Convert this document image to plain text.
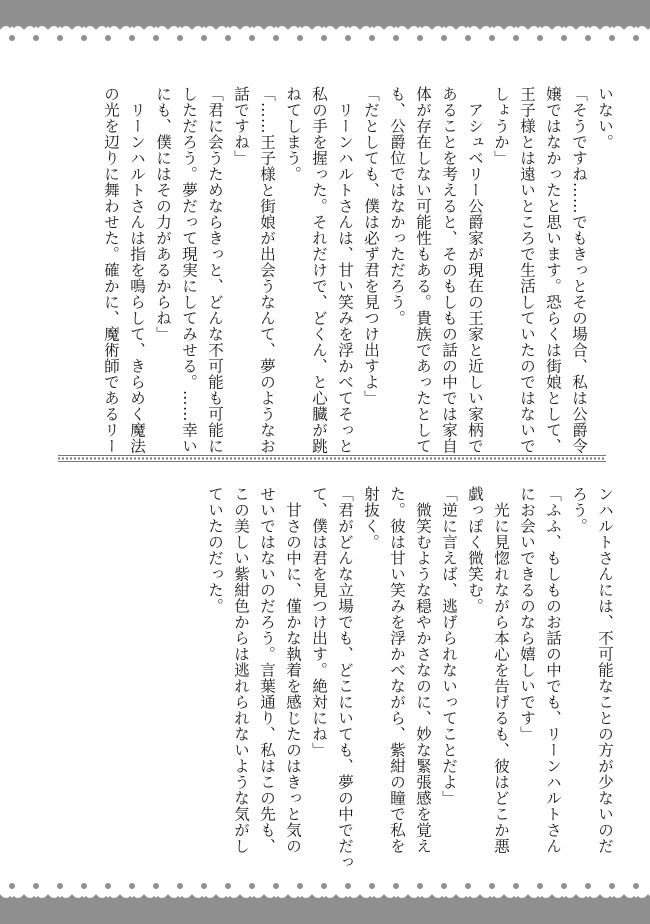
いない。

「そうですね……でもきっとその場合、私は公爵令

嬢ではなかったと思います。恐らくは街娘として、

王子様とは遠いところで生活していたのではないで

しょうか」

　アシュベリー公爵家が現在の王家と近しい家柄で

あることを考えると、そのもしもの話の中では家自

体が存在しない可能性もある。貴族であったとして

も、公爵位ではなかっただろう。

「だとしても、僕は必ず君を見つけ出すよ」

　リーンハルトさんは、甘い笑みを浮かべてそっと

私の手を握った。それだけで、どくん、と心臓が跳

ねてしまう。

「……王子様と街娘が出会うなんて、夢のようなお

話ですね」

「君に会うためならきっと、どんな不可能も可能に

しただろう。夢だって現実にしてみせる。……幸い

にも、僕にはその力があるからね」

　リーンハルトさんは指を鳴らして、きらめく魔法

の光を辺りに舞わせた。確かに、魔術師であるリー

ンハルトさんには、不可能なことの方が少ないのだ

ろう。

「ふふ、もしものお話の中でも、リーンハルトさん

にお会いできるのなら嬉しいです」

　光に見惚れながら本心を告げるも、彼はどこか悪

戯っぽく微笑む。

「逆に言えば、逃げられないってことだよ」

　微笑むような穏やかさなのに、妙な緊張感を覚え

た。彼は甘い笑みを浮かべながら、紫紺の瞳で私を

射抜く。

「君がどんな立場でも、どこにいても、夢の中でだっ

て、僕は君を見つけ出す。絶対にね」

　甘さの中に、僅かな執着を感じたのはきっと気の

せいではないのだろう。言葉通り、私はこの先も、

この美しい紫紺色からは逃れられないような気がし

ていたのだった。
